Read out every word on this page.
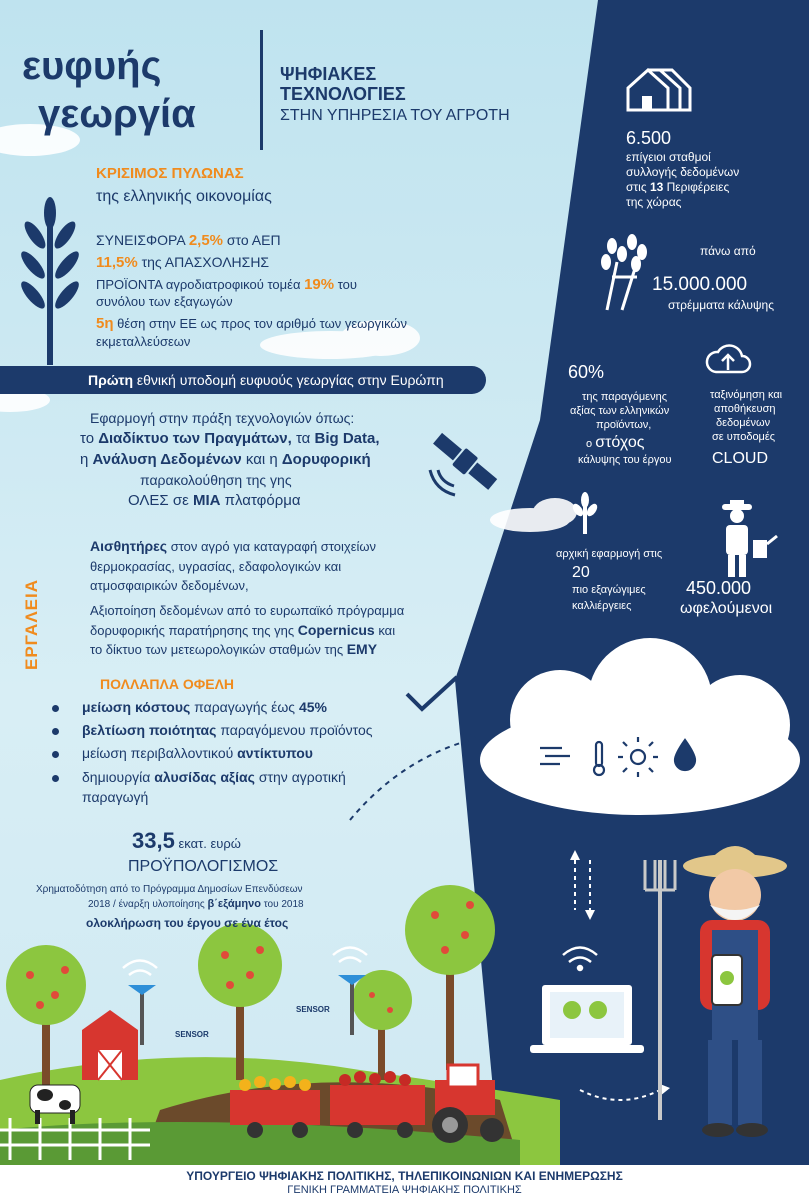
ευφυής
γεωργία
ΨΗΦΙΑΚΕΣ
ΤΕΧΝΟΛΟΓΙΕΣ
ΣΤΗΝ ΥΠΗΡΕΣΙΑ ΤΟΥ ΑΓΡΟΤΗ
ΚΡΙΣΙΜΟΣ ΠΥΛΩΝΑΣ
της ελληνικής οικονομίας
ΣΥΝΕΙΣΦΟΡΑ 2,5% στο ΑΕΠ
11,5% της ΑΠΑΣΧΟΛΗΣΗΣ
ΠΡΟΪΟΝΤΑ αγροδιατροφικού τομέα 19% του
συνόλου των εξαγωγών
5η θέση στην ΕΕ ως προς τον αριθμό των γεωργικών
εκμεταλλεύσεων
Πρώτη εθνική υποδομή ευφυούς γεωργίας στην Ευρώπη
Εφαρμογή στην πράξη τεχνολογιών όπως:
το Διαδίκτυο των Πραγμάτων, τα Big Data,
η Ανάλυση Δεδομένων και η Δορυφορική
παρακολούθηση της γης
ΟΛΕΣ σε ΜΙΑ πλατφόρμα
ΕΡΓΑΛΕΙΑ
Αισθητήρες στον αγρό για καταγραφή στοιχείων
θερμοκρασίας, υγρασίας, εδαφολογικών και
ατμοσφαιρικών δεδομένων,
Αξιοποίηση δεδομένων από το ευρωπαϊκό πρόγραμμα
δορυφορικής παρατήρησης της γης Copernicus και
το δίκτυο των μετεωρολογικών σταθμών της ΕΜΥ
ΠΟΛΛΑΠΛΑ ΟΦΕΛΗ
μείωση κόστους παραγωγής έως 45%
βελτίωση ποιότητας παραγόμενου προϊόντος
μείωση περιβαλλοντικού αντίκτυπου
δημιουργία αλυσίδας αξίας στην αγροτική
παραγωγή
33,5 εκατ. ευρώ
ΠΡΟΫΠΟΛΟΓΙΣΜΟΣ
Χρηματοδότηση από το Πρόγραμμα Δημοσίων Επενδύσεων
2018 / έναρξη υλοποίησης β΄εξάμηνο του 2018
ολοκλήρωση του έργου σε ένα έτος
SENSOR
SENSOR
6.500
επίγειοι σταθμοί
συλλογής δεδομένων
στις 13 Περιφέρειες
της χώρας
πάνω από
15.000.000
στρέμματα κάλυψης
60%
της παραγόμενης
αξίας των ελληνικών
προϊόντων,
ο στόχος
κάλυψης του έργου
ταξινόμηση και
αποθήκευση
δεδομένων
σε υποδομές
CLOUD
αρχική εφαρμογή στις
20
πιο εξαγώγιμες
καλλιέργειες
450.000
ωφελούμενοι
ΥΠΟΥΡΓΕΙΟ ΨΗΦΙΑΚΗΣ ΠΟΛΙΤΙΚΗΣ, ΤΗΛΕΠΙΚΟΙΝΩΝΙΩΝ ΚΑΙ ΕΝΗΜΕΡΩΣΗΣ
ΓΕΝΙΚΗ ΓΡΑΜΜΑΤΕΙΑ ΨΗΦΙΑΚΗΣ ΠΟΛΙΤΙΚΗΣ
